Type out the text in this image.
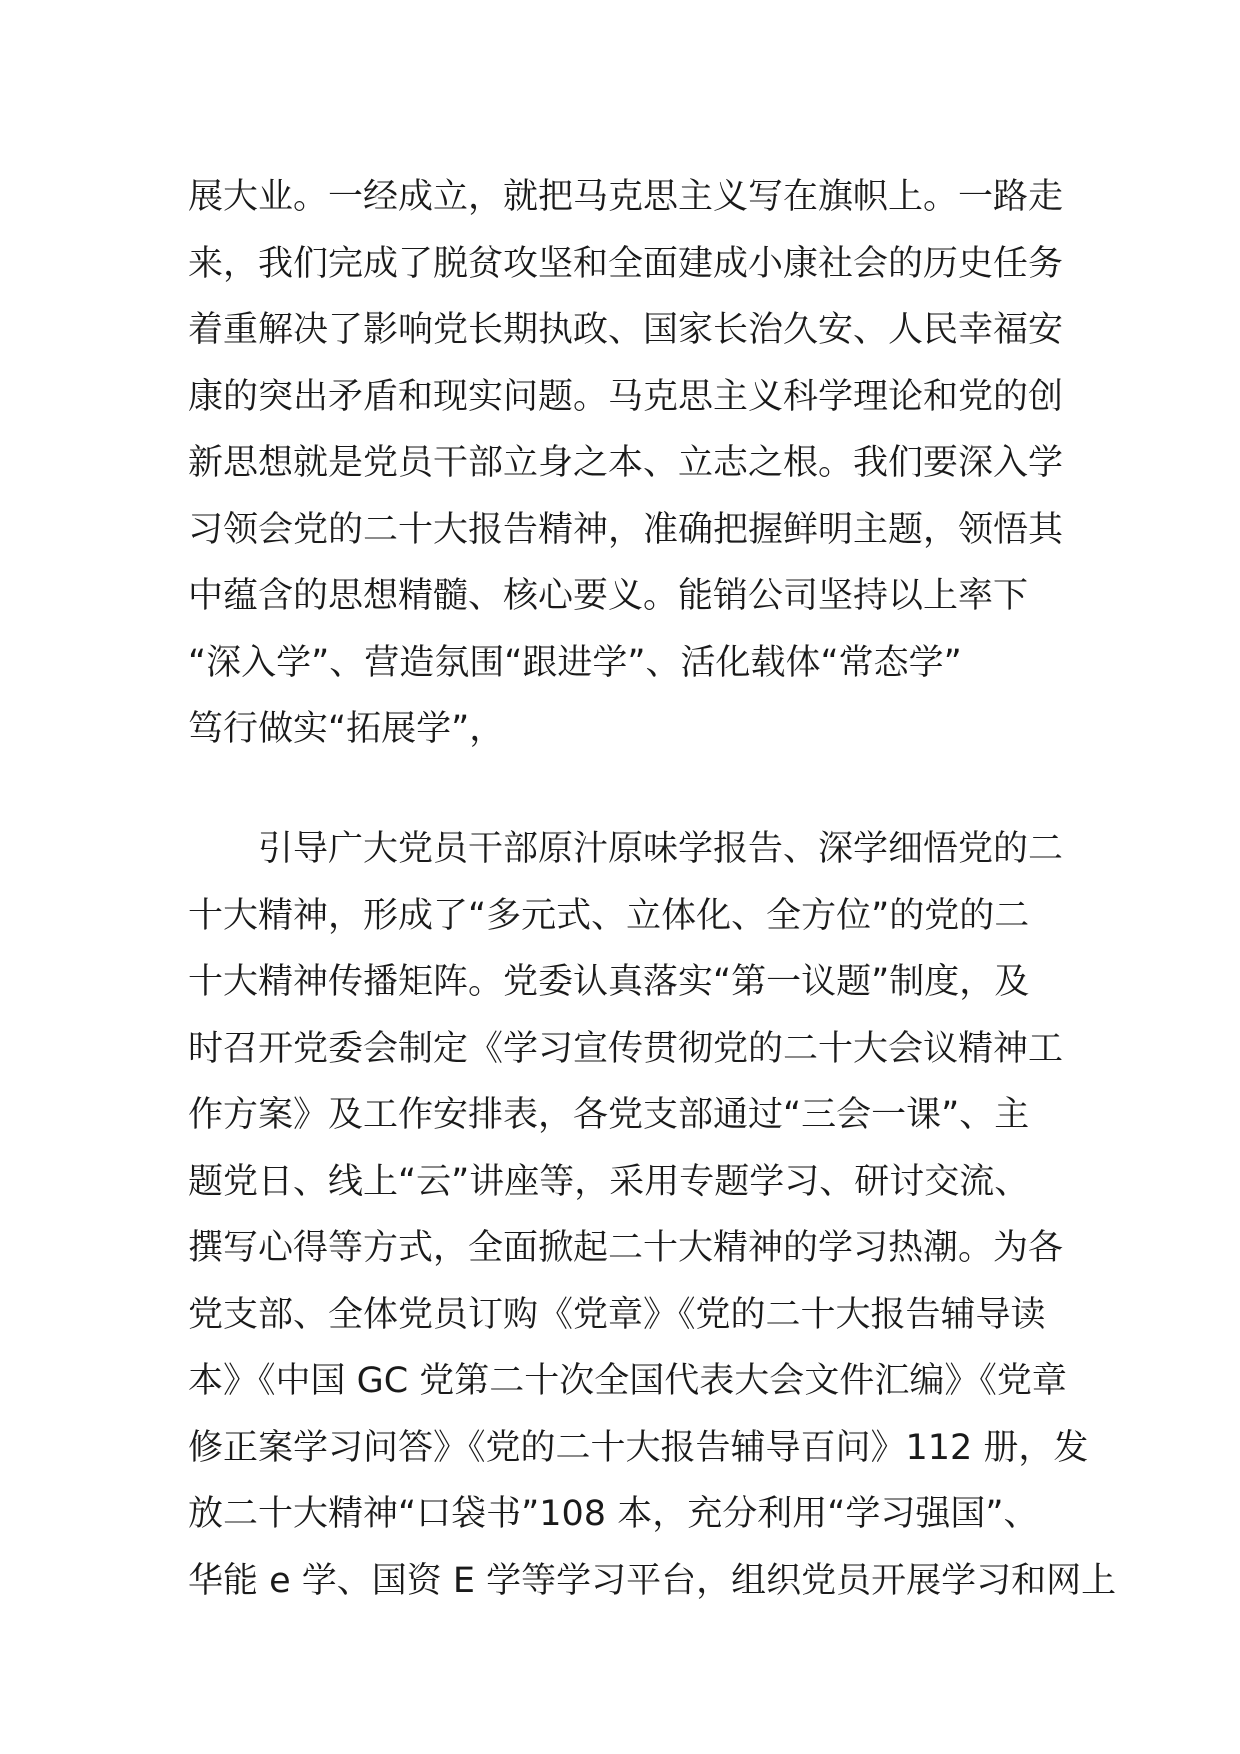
展大业。一经成立，就把马克思主义写在旗帜上。一路走
来，我们完成了脱贫攻坚和全面建成小康社会的历史任务
着重解决了影响党长期执政、国家长治久安、人民幸福安
康的突出矛盾和现实问题。马克思主义科学理论和党的创
新思想就是党员干部立身之本、立志之根。我们要深入学
习领会党的二十大报告精神，准确把握鲜明主题，领悟其
中蕴含的思想精髓、核心要义。能销公司坚持以上率下
“深入学”、营造氛围“跟进学”、活化载体“常态学”
笃行做实“拓展学”，

　　引导广大党员干部原汁原味学报告、深学细悟党的二
十大精神，形成了“多元式、立体化、全方位”的党的二
十大精神传播矩阵。党委认真落实“第一议题”制度，及
时召开党委会制定《学习宣传贯彻党的二十大会议精神工
作方案》及工作安排表，各党支部通过“三会一课”、主
题党日、线上“云”讲座等，采用专题学习、研讨交流、
撰写心得等方式，全面掀起二十大精神的学习热潮。为各
党支部、全体党员订购《党章》《党的二十大报告辅导读
本》《中国 GC 党第二十次全国代表大会文件汇编》《党章
修正案学习问答》《党的二十大报告辅导百问》112 册，发
放二十大精神“口袋书”108 本，充分利用“学习强国”、
华能 e 学、国资 E 学等学习平台，组织党员开展学习和网上
